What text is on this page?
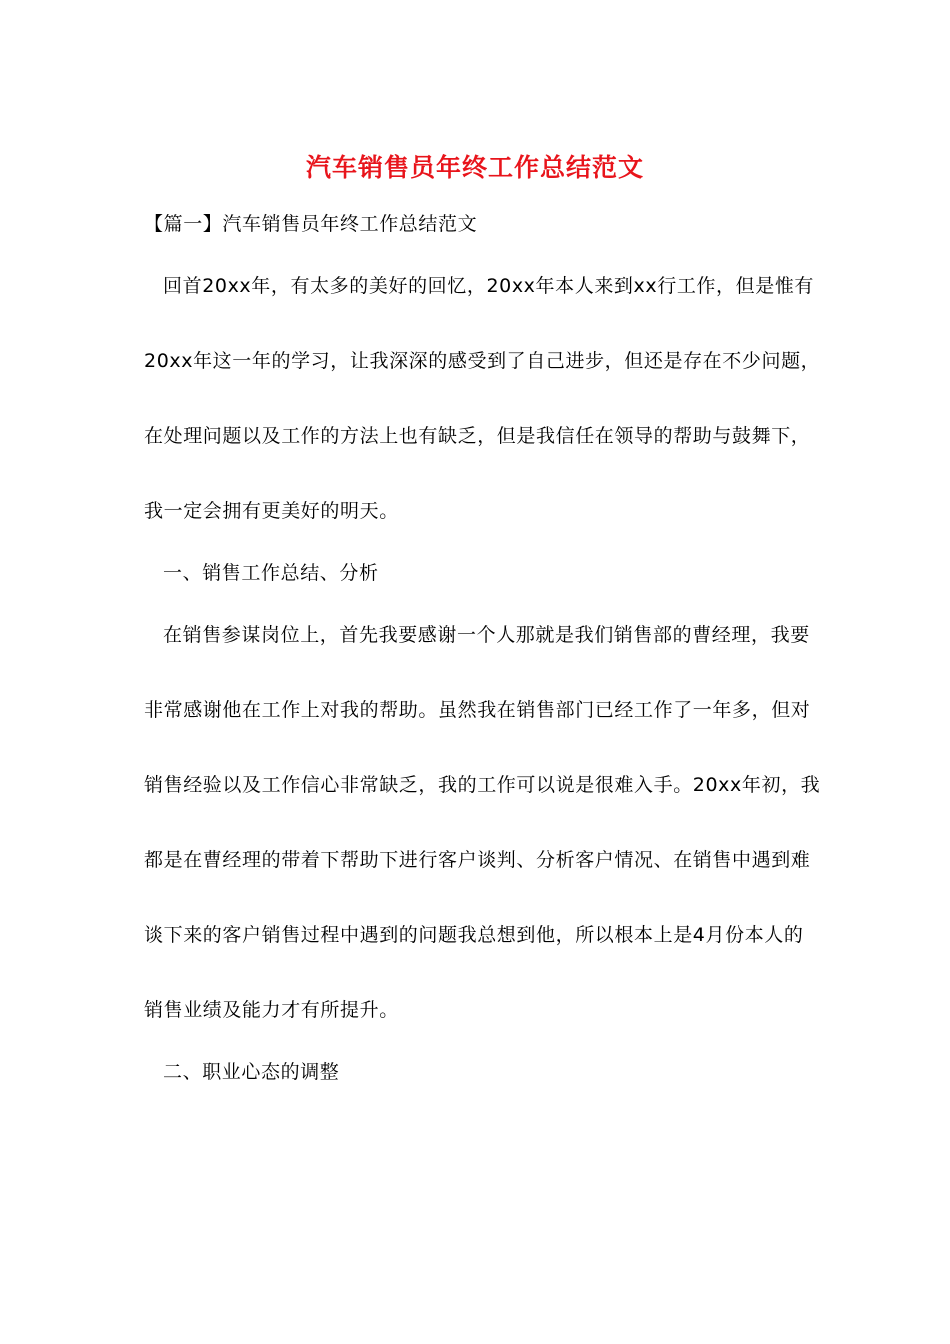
汽车销售员年终工作总结范文
【篇一】汽车销售员年终工作总结范文
回首20xx年，有太多的美好的回忆，20xx年本人来到xx行工作，但是惟有
20xx年这一年的学习，让我深深的感受到了自己进步，但还是存在不少问题，
在处理问题以及工作的方法上也有缺乏，但是我信任在领导的帮助与鼓舞下，
我一定会拥有更美好的明天。
一、销售工作总结、分析
在销售参谋岗位上，首先我要感谢一个人那就是我们销售部的曹经理，我要
非常感谢他在工作上对我的帮助。虽然我在销售部门已经工作了一年多，但对
销售经验以及工作信心非常缺乏，我的工作可以说是很难入手。20xx年初，我
都是在曹经理的带着下帮助下进行客户谈判、分析客户情况、在销售中遇到难
谈下来的客户销售过程中遇到的问题我总想到他，所以根本上是4月份本人的
销售业绩及能力才有所提升。
二、职业心态的调整
